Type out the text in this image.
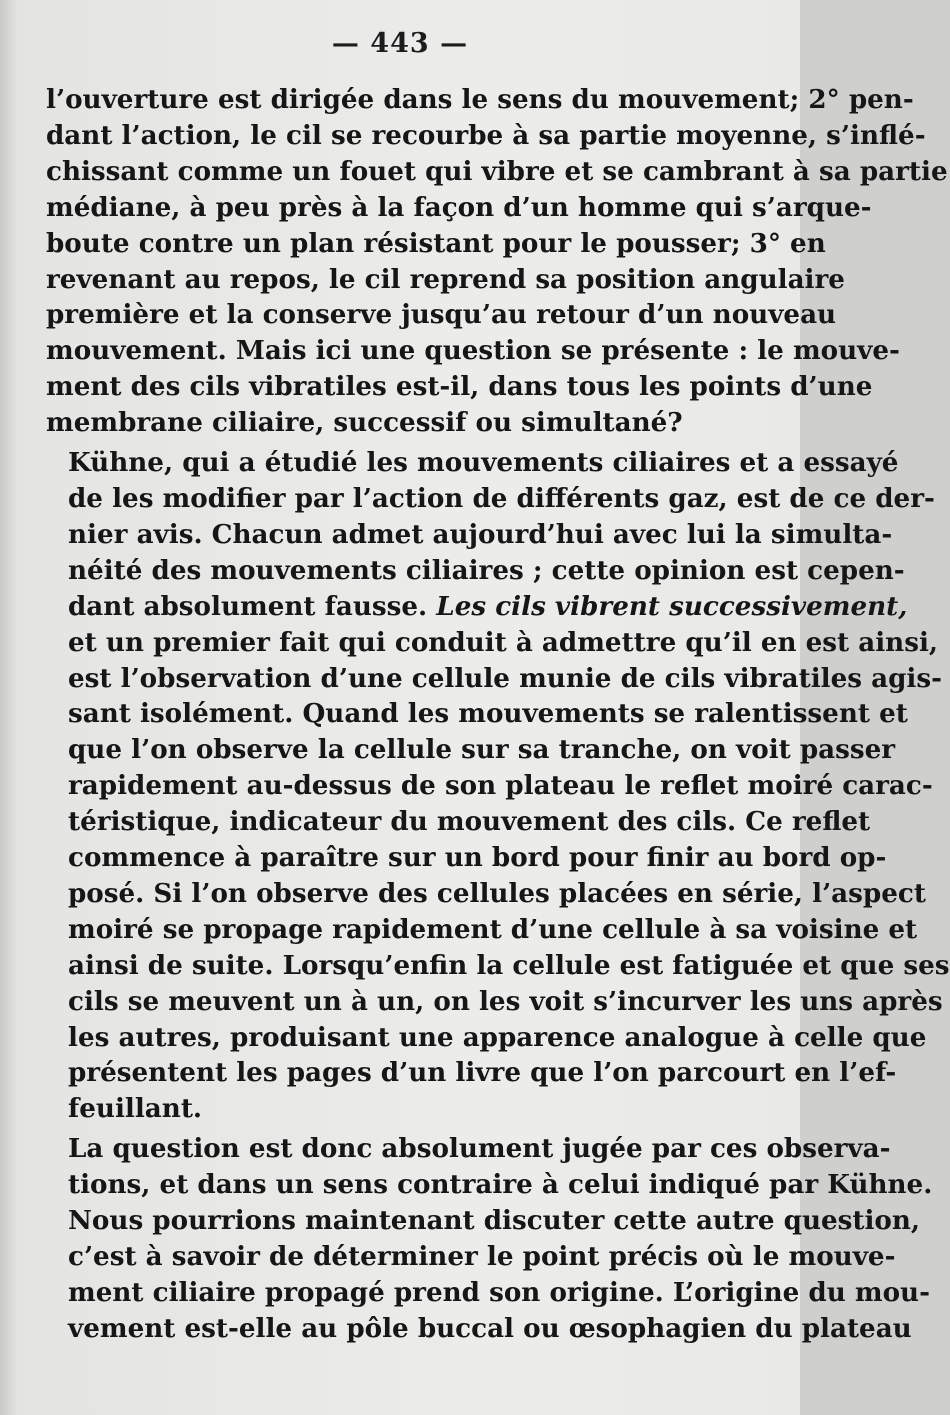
— 443 —

l’ouverture est dirigée dans le sens du mouvement; 2° pen-
dant l’action, le cil se recourbe à sa partie moyenne, s’inflé-
chissant comme un fouet qui vibre et se cambrant à sa partie
médiane, à peu près à la façon d’un homme qui s’arque-
boute contre un plan résistant pour le pousser; 3° en
revenant au repos, le cil reprend sa position angulaire
première et la conserve jusqu’au retour d’un nouveau
mouvement. Mais ici une question se présente : le mouve-
ment des cils vibratiles est-il, dans tous les points d’une
membrane ciliaire, successif ou simultané?

Kühne, qui a étudié les mouvements ciliaires et a essayé
de les modifier par l’action de différents gaz, est de ce der-
nier avis. Chacun admet aujourd’hui avec lui la simulta-
néité des mouvements ciliaires ; cette opinion est cepen-
dant absolument fausse. Les cils vibrent successivement,
et un premier fait qui conduit à admettre qu’il en est ainsi,
est l’observation d’une cellule munie de cils vibratiles agis-
sant isolément. Quand les mouvements se ralentissent et
que l’on observe la cellule sur sa tranche, on voit passer
rapidement au-dessus de son plateau le reflet moiré carac-
téristique, indicateur du mouvement des cils. Ce reflet
commence à paraître sur un bord pour finir au bord op-
posé. Si l’on observe des cellules placées en série, l’aspect
moiré se propage rapidement d’une cellule à sa voisine et
ainsi de suite. Lorsqu’enfin la cellule est fatiguée et que ses
cils se meuvent un à un, on les voit s’incurver les uns après
les autres, produisant une apparence analogue à celle que
présentent les pages d’un livre que l’on parcourt en l’ef-
feuillant.

La question est donc absolument jugée par ces observa-
tions, et dans un sens contraire à celui indiqué par Kühne.
Nous pourrions maintenant discuter cette autre question,
c’est à savoir de déterminer le point précis où le mouve-
ment ciliaire propagé prend son origine. L’origine du mou-
vement est-elle au pôle buccal ou œsophagien du plateau
